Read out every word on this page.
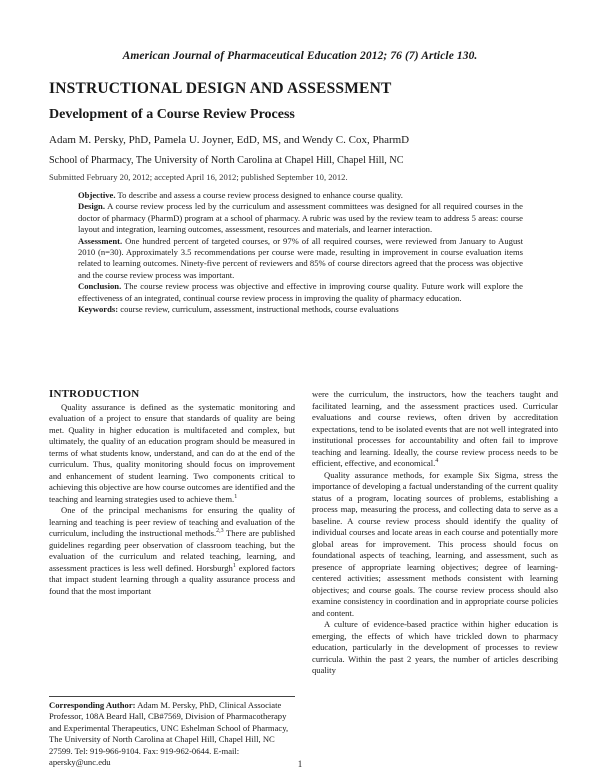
American Journal of Pharmaceutical Education 2012; 76 (7) Article 130.
INSTRUCTIONAL DESIGN AND ASSESSMENT
Development of a Course Review Process
Adam M. Persky, PhD, Pamela U. Joyner, EdD, MS, and Wendy C. Cox, PharmD
School of Pharmacy, The University of North Carolina at Chapel Hill, Chapel Hill, NC
Submitted February 20, 2012; accepted April 16, 2012; published September 10, 2012.

Objective. To describe and assess a course review process designed to enhance course quality.

Design. A course review process led by the curriculum and assessment committees was designed for all required courses in the doctor of pharmacy (PharmD) program at a school of pharmacy. A rubric was used by the review team to address 5 areas: course layout and integration, learning outcomes, assessment, resources and materials, and learner interaction.

Assessment. One hundred percent of targeted courses, or 97% of all required courses, were reviewed from January to August 2010 (n=30). Approximately 3.5 recommendations per course were made, resulting in improvement in course evaluation items related to learning outcomes. Ninety-five percent of reviewers and 85% of course directors agreed that the process was objective and the course review process was important.

Conclusion. The course review process was objective and effective in improving course quality. Future work will explore the effectiveness of an integrated, continual course review process in improving the quality of pharmacy education.

Keywords: course review, curriculum, assessment, instructional methods, course evaluations

INTRODUCTION

Quality assurance is defined as the systematic monitoring and evaluation of a project to ensure that standards of quality are being met. Quality in higher education is multifaceted and complex, but ultimately, the quality of an education program should be measured in terms of what students know, understand, and can do at the end of the curriculum. Thus, quality monitoring should focus on improvement and enhancement of student learning. Two components critical to achieving this objective are how course outcomes are identified and the teaching and learning strategies used to achieve them.$^1$

One of the principal mechanisms for ensuring the quality of learning and teaching is peer review of teaching and evaluation of the curriculum, including the instructional methods.$^{2,3}$ There are published guidelines regarding peer observation of classroom teaching, but the evaluation of the curriculum and related teaching, learning, and assessment practices is less well defined. Horsburgh$^1$ explored factors that impact student learning through a quality assurance process and found that the most important

Corresponding Author: Adam M. Persky, PhD, Clinical Associate Professor, 108A Beard Hall, CB#7569, Division of Pharmacotherapy and Experimental Therapeutics, UNC Eshelman School of Pharmacy, The University of North Carolina at Chapel Hill, Chapel Hill, NC 27599. Tel: 919-966-9104. Fax: 919-962-0644. E-mail: apersky@unc.edu

were the curriculum, the instructors, how the teachers taught and facilitated learning, and the assessment practices used. Curricular evaluations and course reviews, often driven by accreditation expectations, tend to be isolated events that are not well integrated into institutional processes for accountability and often fail to improve teaching and learning. Ideally, the course review process needs to be efficient, effective, and economical.$^4$

Quality assurance methods, for example Six Sigma, stress the importance of developing a factual understanding of the current quality status of a program, locating sources of problems, establishing a process map, measuring the process, and collecting data to serve as a baseline. A course review process should identify the quality of individual courses and locate areas in each course and potentially more global areas for improvement. This process should focus on foundational aspects of teaching, learning, and assessment, such as presence of appropriate learning objectives; degree of learning-centered activities; assessment methods consistent with learning objectives; and course goals. The course review process should also examine consistency in coordination and in appropriate course policies and content.

A culture of evidence-based practice within higher education is emerging, the effects of which have trickled down to pharmacy education, particularly in the development of processes to review curricula. Within the past 2 years, the number of articles describing quality

1
